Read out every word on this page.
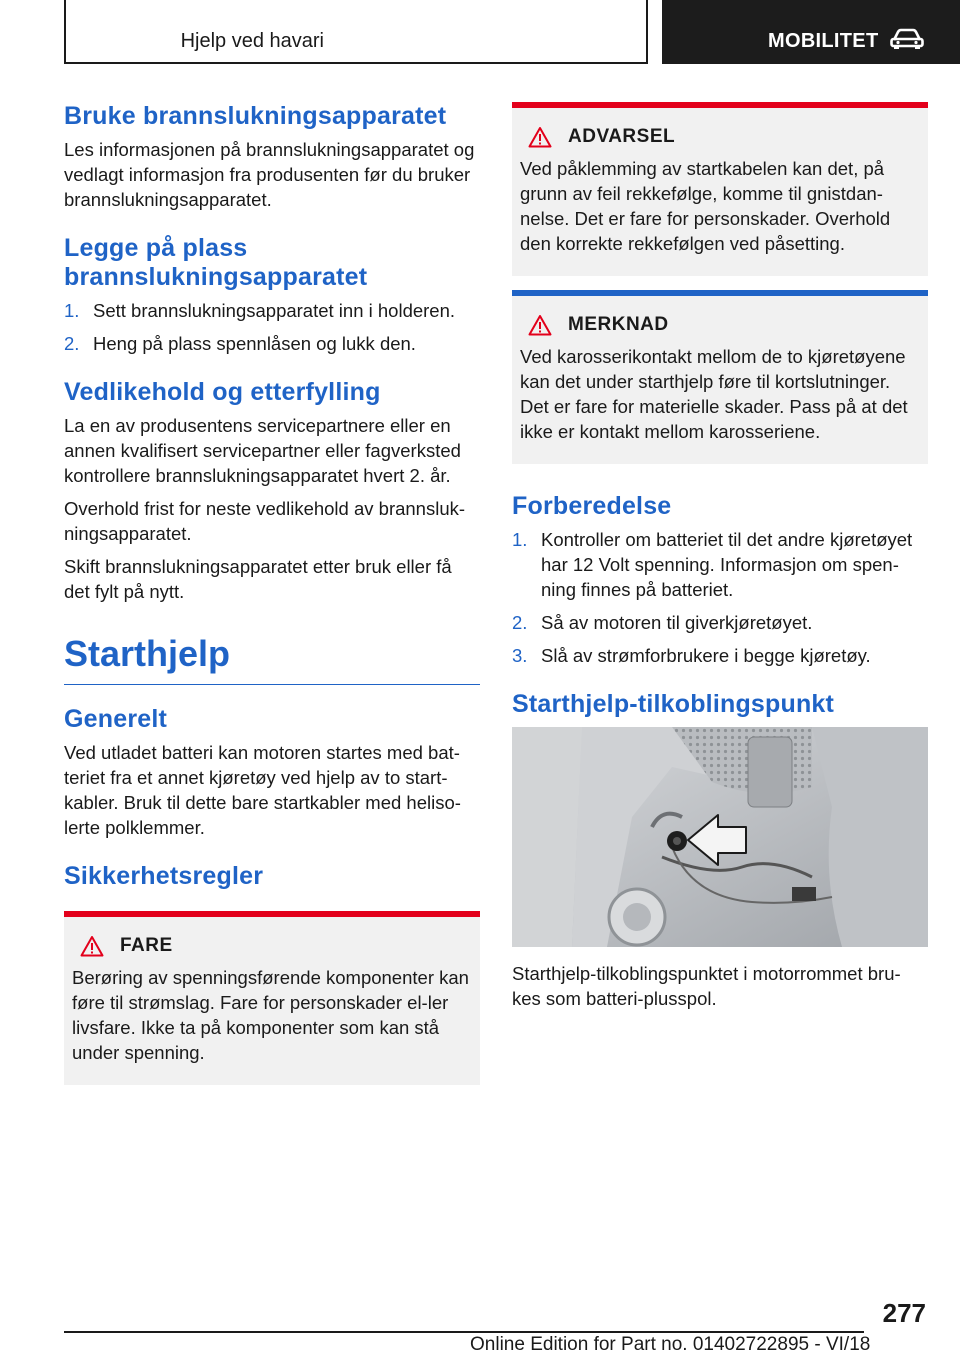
Hjelp ved havari	MOBILITET
Bruke brannslukningsapparatet

Les informasjonen på brannslukningsapparatet og vedlagt informasjon fra produsenten før du bruker brannslukningsapparatet.

Legge på plass brannslukningsapparatet
1. Sett brannslukningsapparatet inn i holderen.
2. Heng på plass spennlåsen og lukk den.
Vedlikehold og etterfylling

La en av produsentens servicepartnere eller en annen kvalifisert servicepartner eller fagverksted kontrollere brannslukningsapparatet hvert 2. år.

Overhold frist for neste vedlikehold av brannsluk‐ningsapparatet.

Skift brannslukningsapparatet etter bruk eller få det fylt på nytt.

Starthjelp
Generelt

Ved utladet batteri kan motoren startes med bat‐teriet fra et annet kjøretøy ved hjelp av to start‐kabler. Bruk til dette bare startkabler med heliso‐lerte polklemmer.

Sikkerhetsregler
FARE

Berøring av spenningsførende komponenter kan føre til strømslag. Fare for personskader el‐ler livsfare. Ikke ta på komponenter som kan stå under spenning.

ADVARSEL

Ved påklemming av startkabelen kan det, på grunn av feil rekkefølge, komme til gnistdan‐nelse. Det er fare for personskader. Overhold den korrekte rekkefølgen ved påsetting.

MERKNAD

Ved karosserikontakt mellom de to kjøretøyene kan det under starthjelp føre til kortslutninger. Det er fare for materielle skader. Pass på at det ikke er kontakt mellom karosseriene.

Forberedelse
1. Kontroller om batteriet til det andre kjøretøyet har 12 Volt spenning. Informasjon om spen‐ning finnes på batteriet.
2. Så av motoren til giverkjøretøyet.
3. Slå av strømforbrukere i begge kjøretøy.
Starthjelp-tilkoblingspunkt
Starthjelp-tilkoblingspunktet i motorrommet bru‐kes som batteri-plusspol.
277
Online Edition for Part no. 01402722895 - VI/18
